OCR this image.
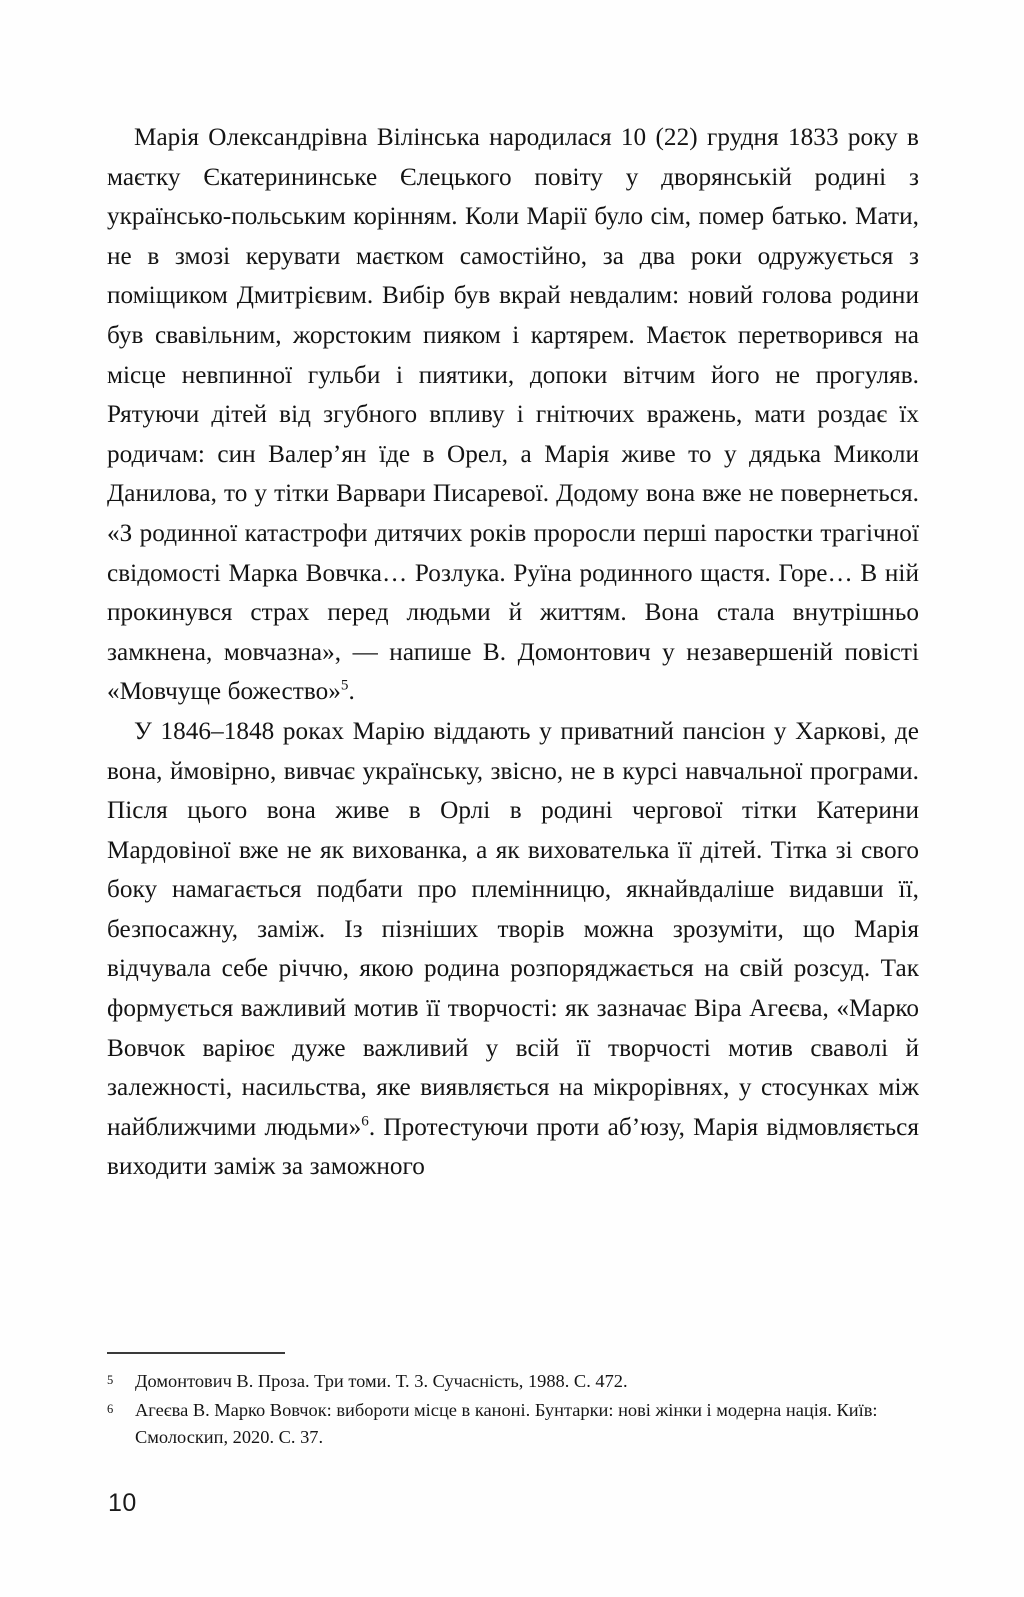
Марія Олександрівна Вілінська народилася 10 (22) грудня 1833 року в маєтку Єкатерининське Єлецького повіту у дворянській родині з українсько-польським корінням. Коли Марії було сім, помер батько. Мати, не в змозі керувати маєтком самостійно, за два роки одружується з поміщиком Дмитрієвим. Вибір був вкрай невдалим: новий голова родини був свавільним, жорстоким пияком і картярем. Маєток перетворився на місце невпинної гульби і пиятики, допоки вітчим його не прогуляв. Рятуючи дітей від згубного впливу і гнітючих вражень, мати роздає їх родичам: син Валер’ян їде в Орел, а Марія живе то у дядька Миколи Данилова, то у тітки Варвари Писаревої. Додому вона вже не повернеться. «З родинної катастрофи дитячих років проросли перші паростки трагічної свідомості Марка Вовчка… Розлука. Руїна родинного щастя. Горе… В ній прокинувся страх перед людьми й життям. Вона стала внутрішньо замкнена, мовчазна», — напише В. Домонтович у незавершеній повісті «Мовчуще божество»$^5$.

У 1846–1848 роках Марію віддають у приватний пансіон у Харкові, де вона, ймовірно, вивчає українську, звісно, не в курсі навчальної програми. Після цього вона живе в Орлі в родині чергової тітки Катерини Мардовіної вже не як вихованка, а як вихователька її дітей. Тітка зі свого боку намагається подбати про племінницю, якнайвдаліше видавши її, безпосажну, заміж. Із пізніших творів можна зрозуміти, що Марія відчувала себе річчю, якою родина розпоряджається на свій розсуд. Так формується важливий мотив її творчості: як зазначає Віра Агеєва, «Марко Вовчок варіює дуже важливий у всій її творчості мотив сваволі й залежності, насильства, яке виявляється на мікрорівнях, у стосунках між найближчими людьми»$^6$. Протестуючи проти аб’юзу, Марія відмовляється виходити заміж за заможного

5	Домонтович В. Проза. Три томи. Т. 3. Сучасність, 1988. С. 472.
6	Агеєва В. Марко Вовчок: вибороти місце в каноні. Бунтарки: нові жінки і модерна нація. Київ: Смолоскип, 2020. С. 37.
10
